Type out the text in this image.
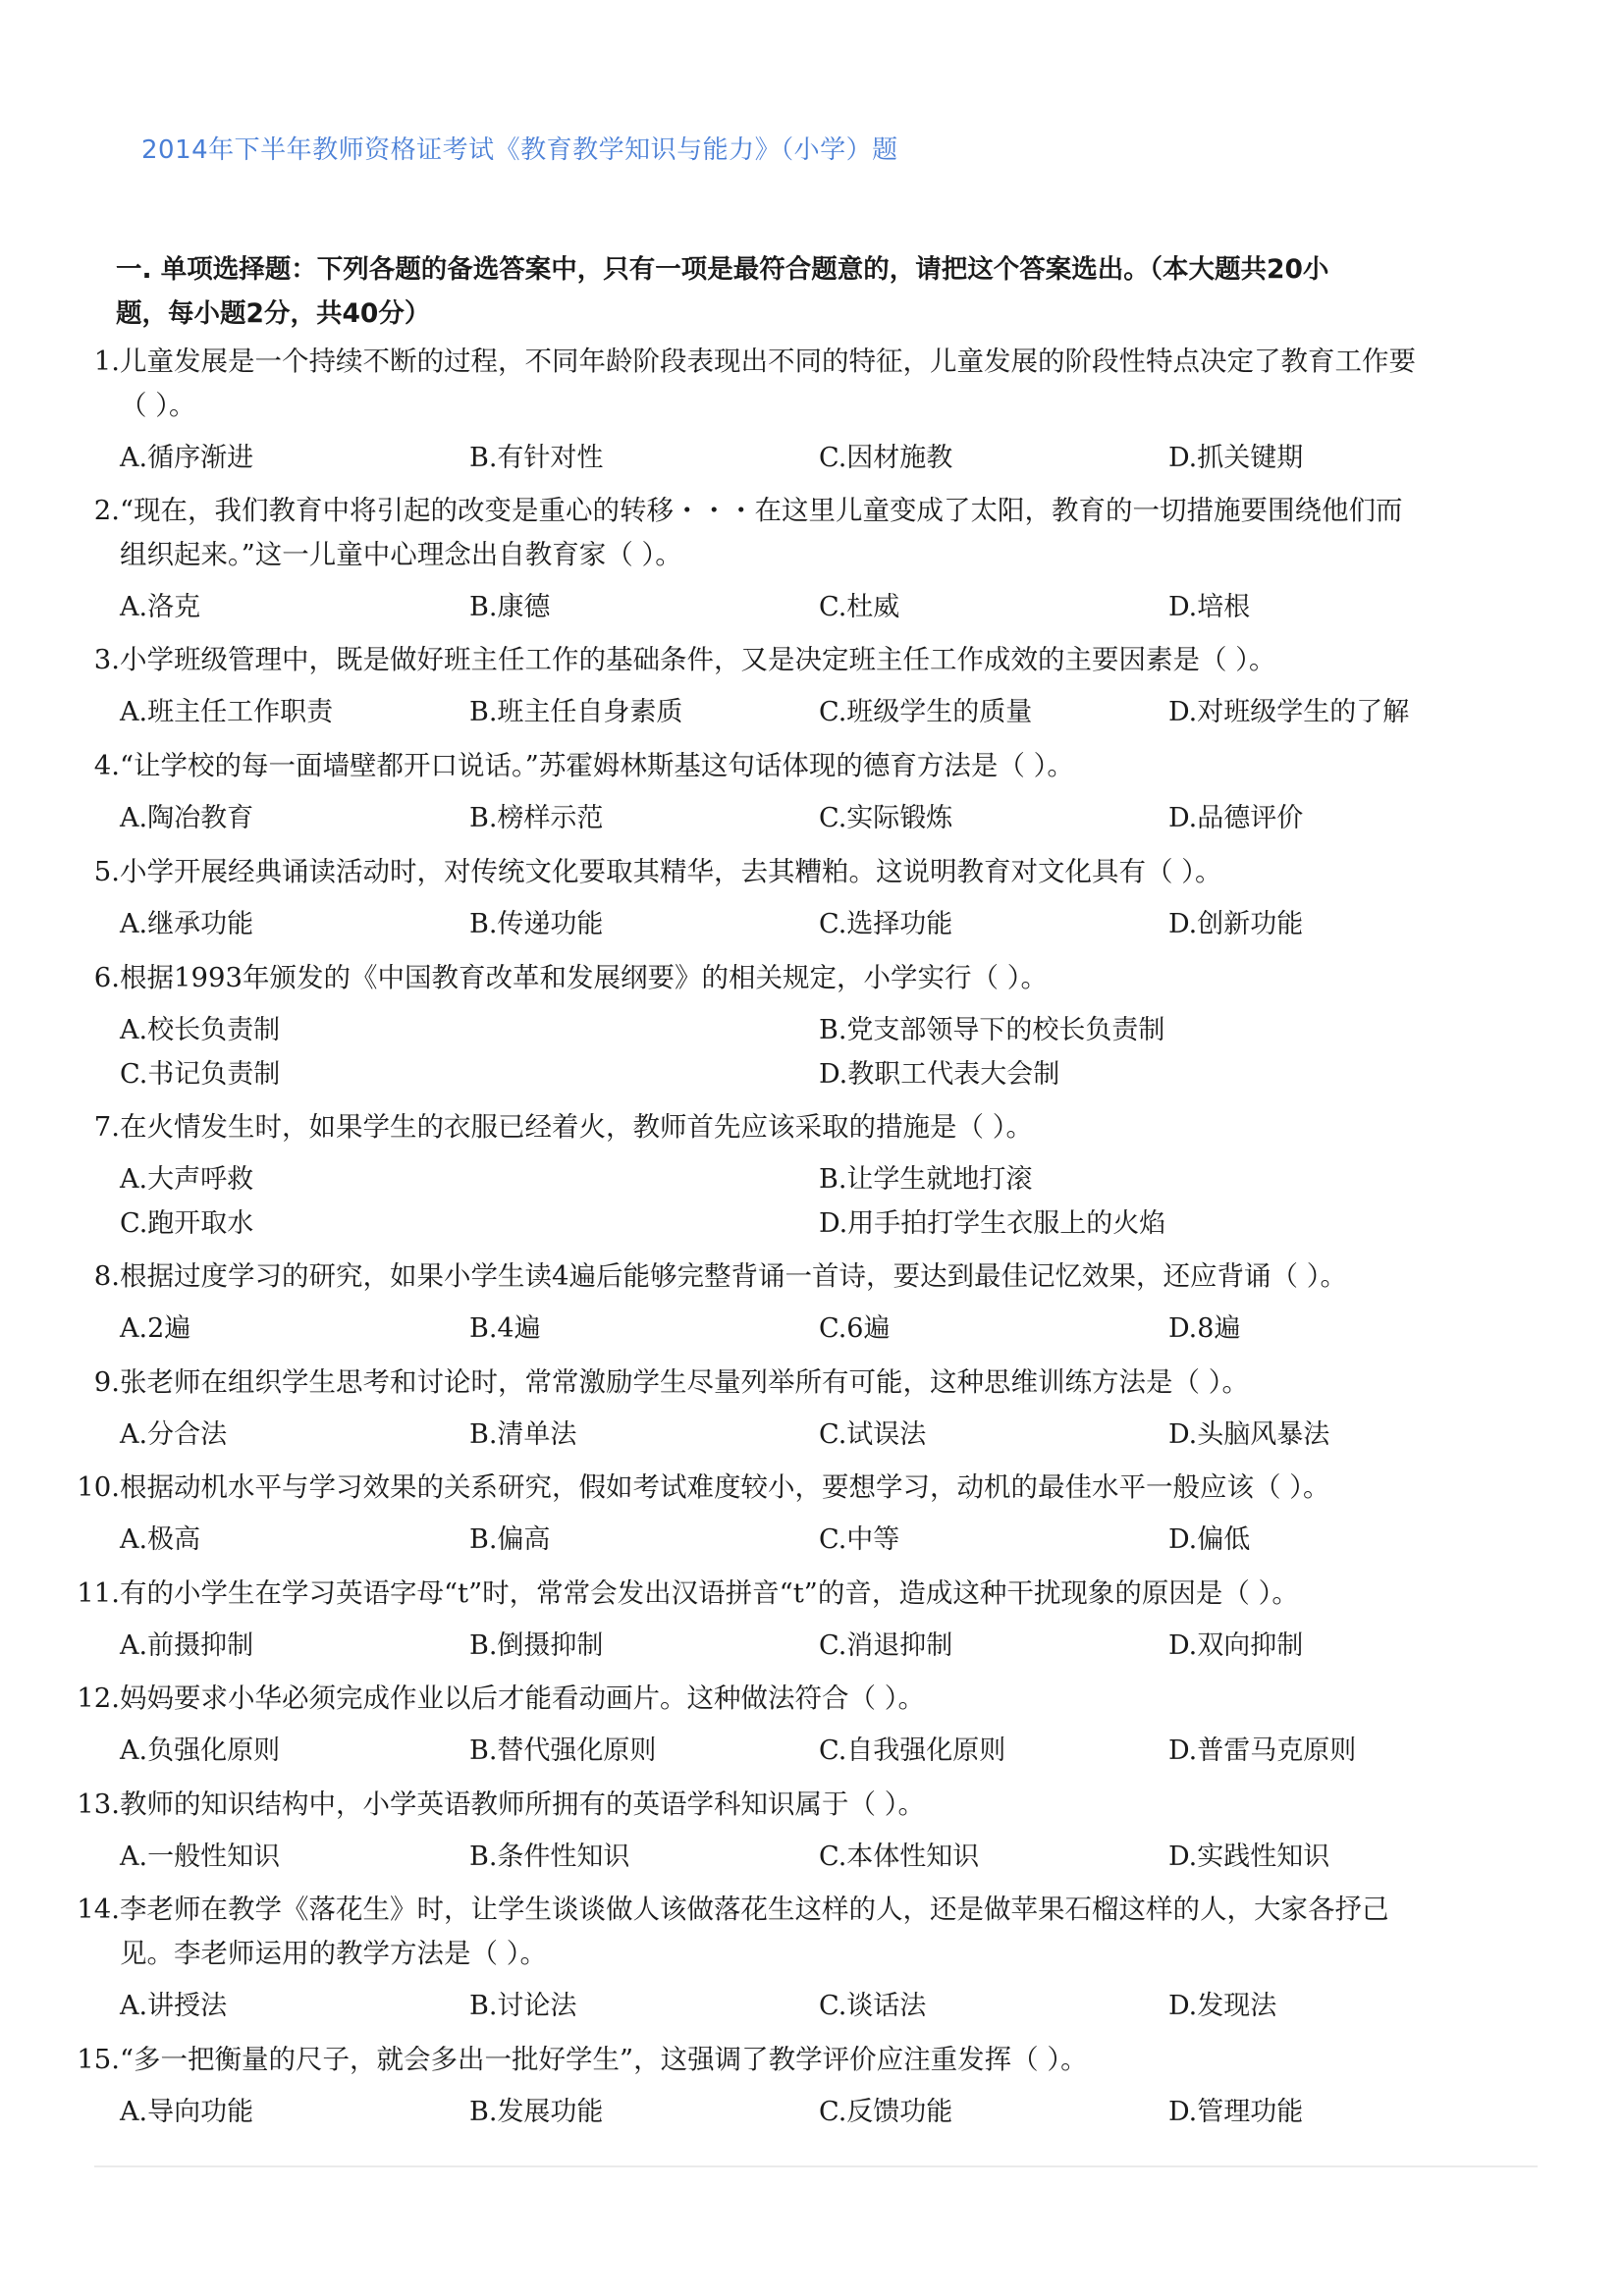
2014年下半年教师资格证考试《教育教学知识与能力》（小学）题
一. 单项选择题：下列各题的备选答案中，只有一项是最符合题意的，请把这个答案选出。（本大题共20小
题，每小题2分，共40分）
1. 儿童发展是一个持续不断的过程，不同年龄阶段表现出不同的特征，儿童发展的阶段性特点决定了教育工作要
（ ）。
A.循序渐进	B.有针对性	C.因材施教	D.抓关键期
2. “现在，我们教育中将引起的改变是重心的转移・・・在这里儿童变成了太阳，教育的一切措施要围绕他们而
组织起来。”这一儿童中心理念出自教育家（ ）。
A.洛克	B.康德	C.杜威	D.培根
3. 小学班级管理中，既是做好班主任工作的基础条件，又是决定班主任工作成效的主要因素是（ ）。
A.班主任工作职责	B.班主任自身素质	C.班级学生的质量	D.对班级学生的了解
4. “让学校的每一面墙壁都开口说话。”苏霍姆林斯基这句话体现的德育方法是（ ）。
A.陶冶教育	B.榜样示范	C.实际锻炼	D.品德评价
5. 小学开展经典诵读活动时，对传统文化要取其精华，去其糟粕。这说明教育对文化具有（ ）。
A.继承功能	B.传递功能	C.选择功能	D.创新功能
6. 根据1993年颁发的《中国教育改革和发展纲要》的相关规定，小学实行（ ）。
A.校长负责制	B.党支部领导下的校长负责制
C.书记负责制	D.教职工代表大会制
7. 在火情发生时，如果学生的衣服已经着火，教师首先应该采取的措施是（ ）。
A.大声呼救	B.让学生就地打滚
C.跑开取水	D.用手拍打学生衣服上的火焰
8. 根据过度学习的研究，如果小学生读4遍后能够完整背诵一首诗，要达到最佳记忆效果，还应背诵（ ）。
A.2遍	B.4遍	C.6遍	D.8遍
9. 张老师在组织学生思考和讨论时，常常激励学生尽量列举所有可能，这种思维训练方法是（ ）。
A.分合法	B.清单法	C.试误法	D.头脑风暴法
10. 根据动机水平与学习效果的关系研究，假如考试难度较小，要想学习，动机的最佳水平一般应该（ ）。
A.极高	B.偏高	C.中等	D.偏低
11. 有的小学生在学习英语字母“t”时，常常会发出汉语拼音“t”的音，造成这种干扰现象的原因是（ ）。
A.前摄抑制	B.倒摄抑制	C.消退抑制	D.双向抑制
12. 妈妈要求小华必须完成作业以后才能看动画片。这种做法符合（ ）。
A.负强化原则	B.替代强化原则	C.自我强化原则	D.普雷马克原则
13. 教师的知识结构中，小学英语教师所拥有的英语学科知识属于（ ）。
A.一般性知识	B.条件性知识	C.本体性知识	D.实践性知识
14. 李老师在教学《落花生》时，让学生谈谈做人该做落花生这样的人，还是做苹果石榴这样的人，大家各抒己
见。李老师运用的教学方法是（ ）。
A.讲授法	B.讨论法	C.谈话法	D.发现法
15. “多一把衡量的尺子，就会多出一批好学生”，这强调了教学评价应注重发挥（ ）。
A.导向功能	B.发展功能	C.反馈功能	D.管理功能
